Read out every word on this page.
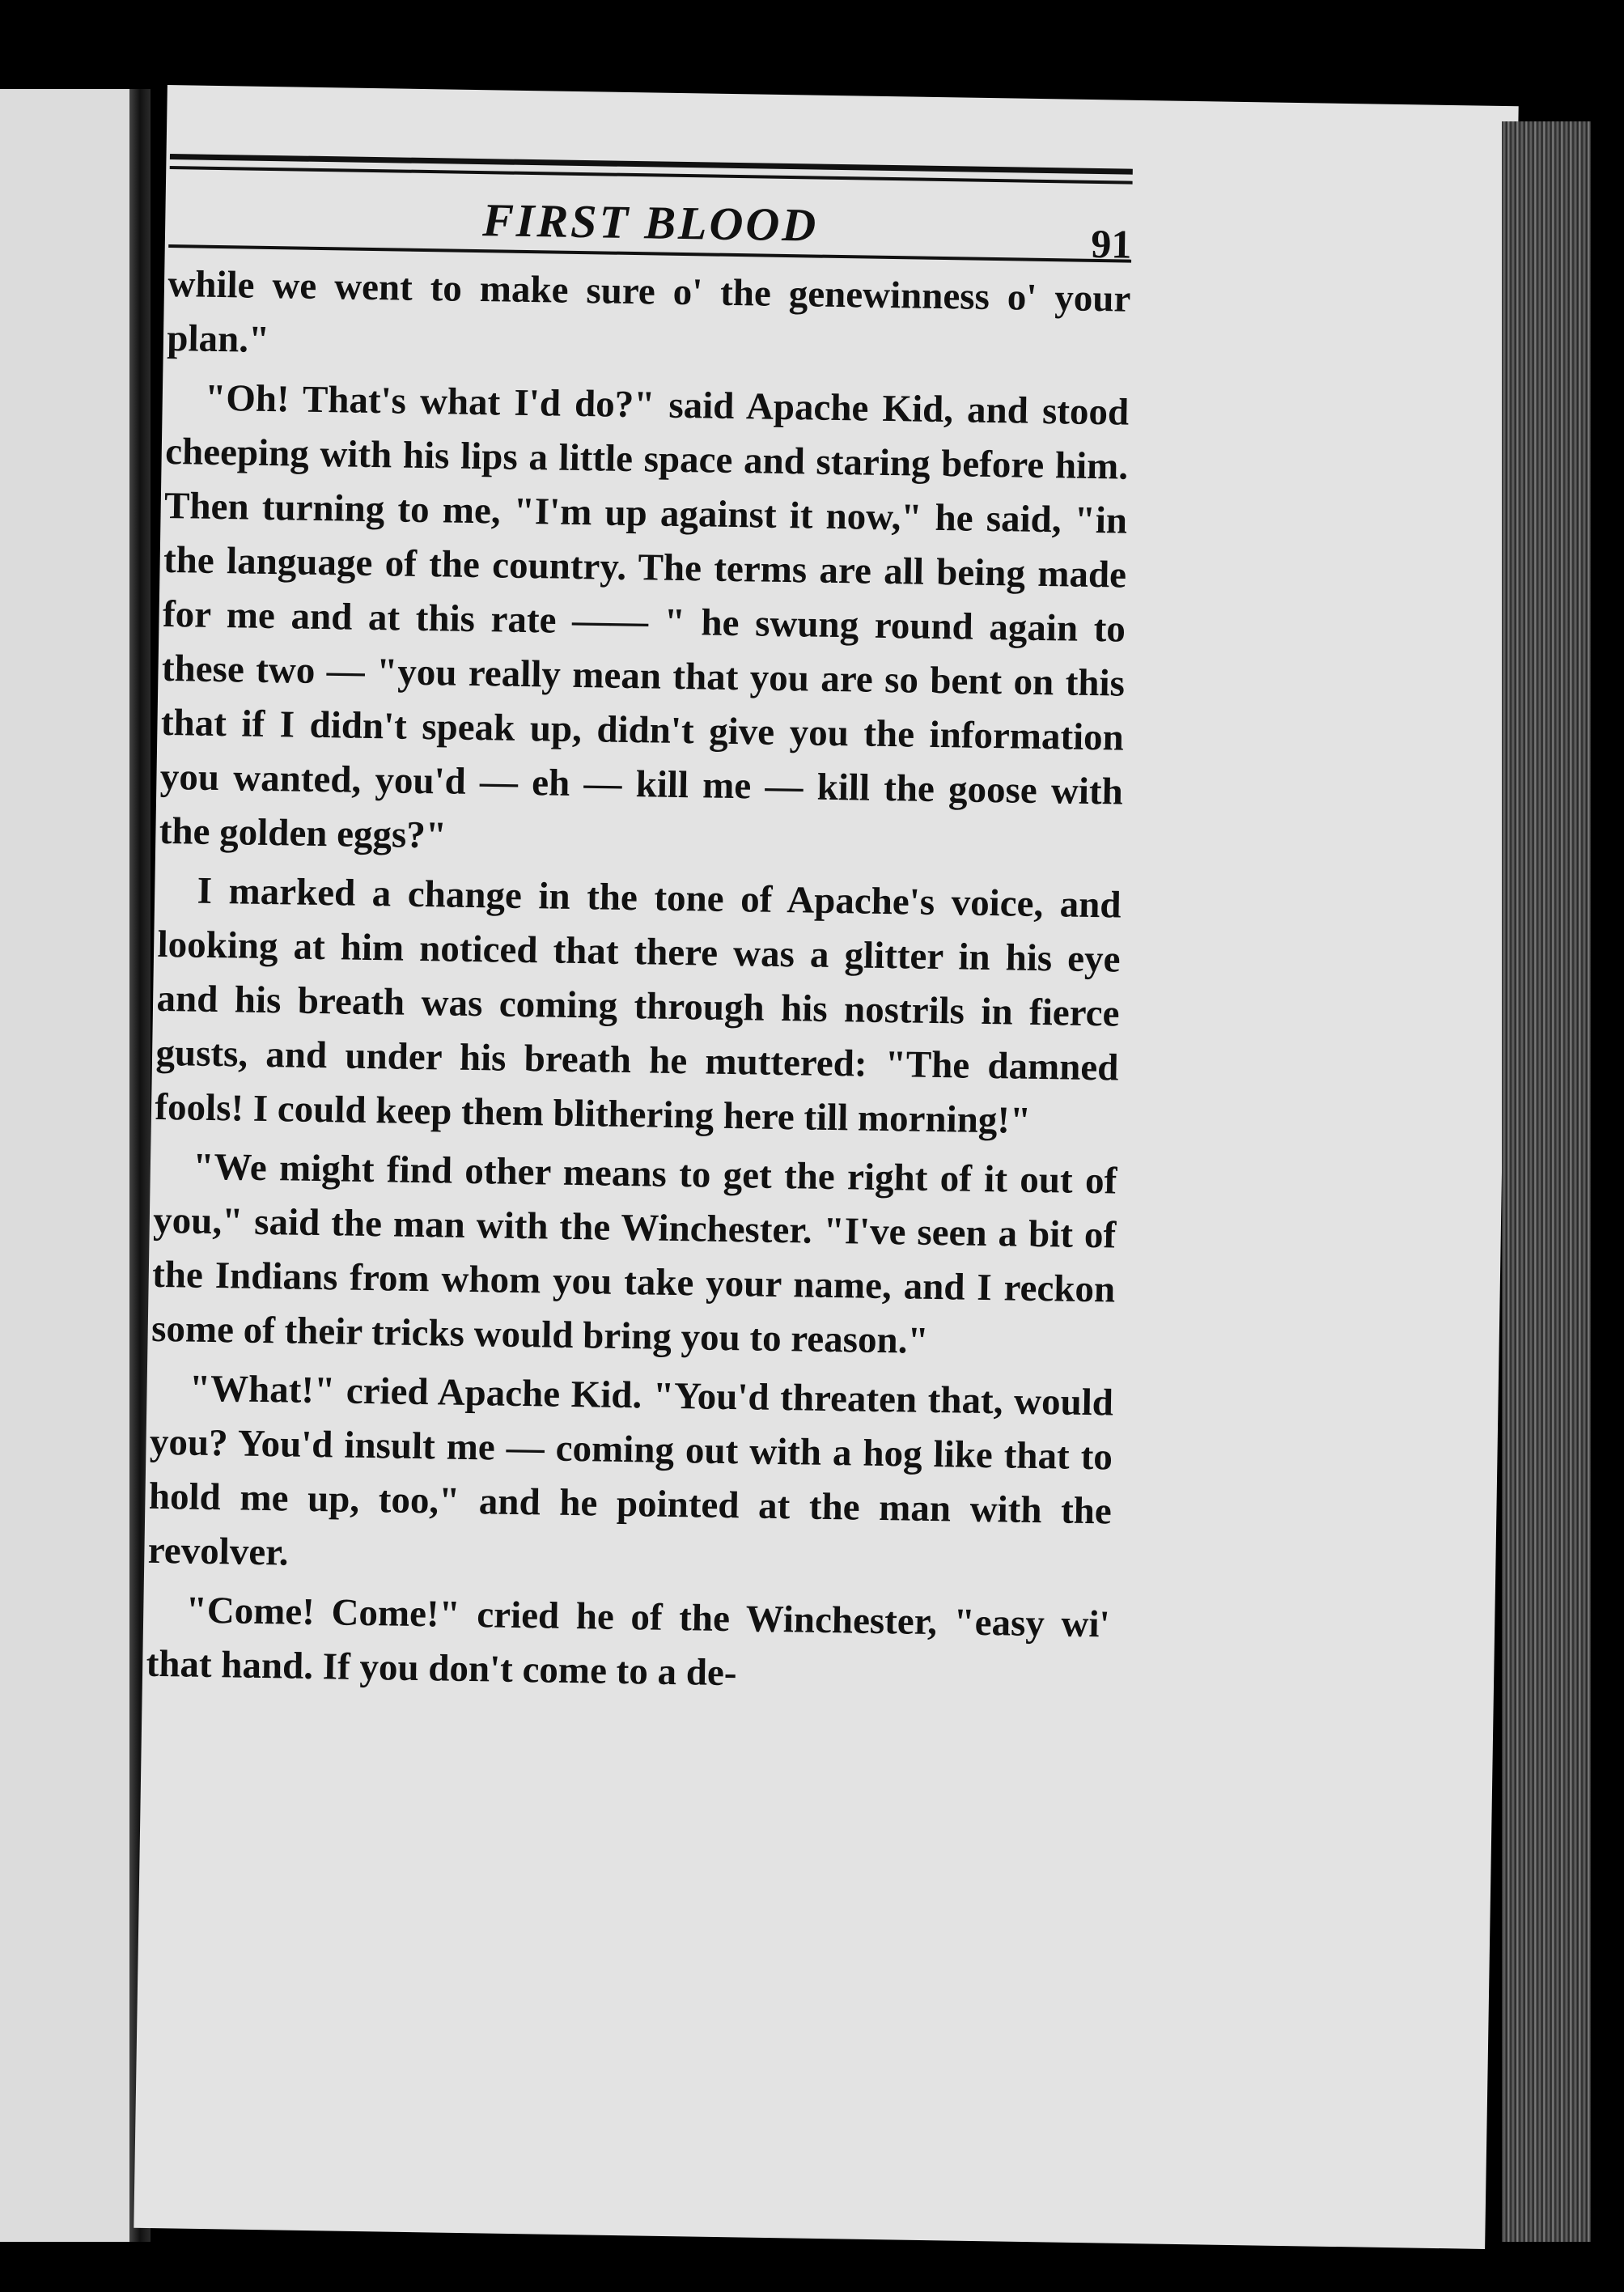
FIRST BLOOD	91

while we went to make sure o' the genewinness o' your plan."

"Oh! That's what I'd do?" said Apache Kid, and stood cheeping with his lips a little space and staring before him. Then turning to me, "I'm up against it now," he said, "in the language of the country. The terms are all being made for me and at this rate —— " he swung round again to these two — "you really mean that you are so bent on this that if I didn't speak up, didn't give you the information you wanted, you'd — eh — kill me — kill the goose with the golden eggs?"

I marked a change in the tone of Apache's voice, and looking at him noticed that there was a glitter in his eye and his breath was coming through his nostrils in fierce gusts, and under his breath he muttered: "The damned fools! I could keep them blithering here till morning!"

"We might find other means to get the right of it out of you," said the man with the Winchester. "I've seen a bit of the Indians from whom you take your name, and I reckon some of their tricks would bring you to reason."

"What!" cried Apache Kid. "You'd threaten that, would you? You'd insult me — coming out with a hog like that to hold me up, too," and he pointed at the man with the revolver.

"Come! Come!" cried he of the Winchester, "easy wi' that hand. If you don't come to a de-
